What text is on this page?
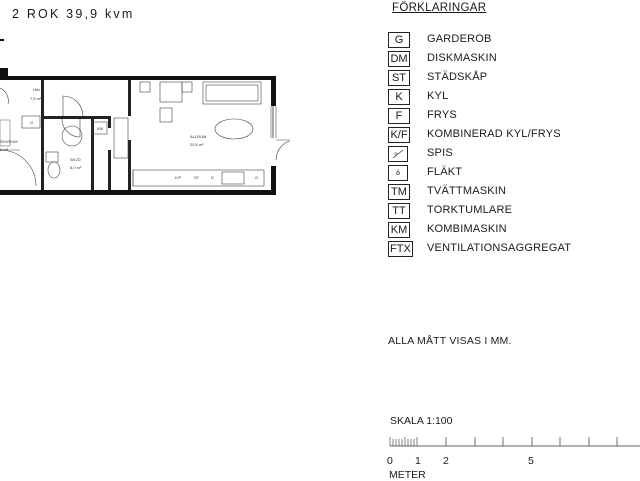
2 ROK 39,9 kvm
HALL
7,5 m²
ALLRUM
20,5 m²
WC/D
5,0 m²
SOVRUM
8 m²
G
KM
K/F	ST	G	G
FÖRKLARINGAR
G	GARDEROB
DM DISKMASKIN
ST	STÄDSKÅP
K	KYL
F	FRYS
K/F KOMBINERAD KYL/FRYS
SPIS
FLÄKT
TM TVÄTTMASKIN
TT	TORKTUMLARE
KM KOMBIMASKIN
FTX VENTILATIONSAGGREGAT
ALLA MÅTT VISAS I MM.
SKALA 1:100
0 1 2	5
METER
